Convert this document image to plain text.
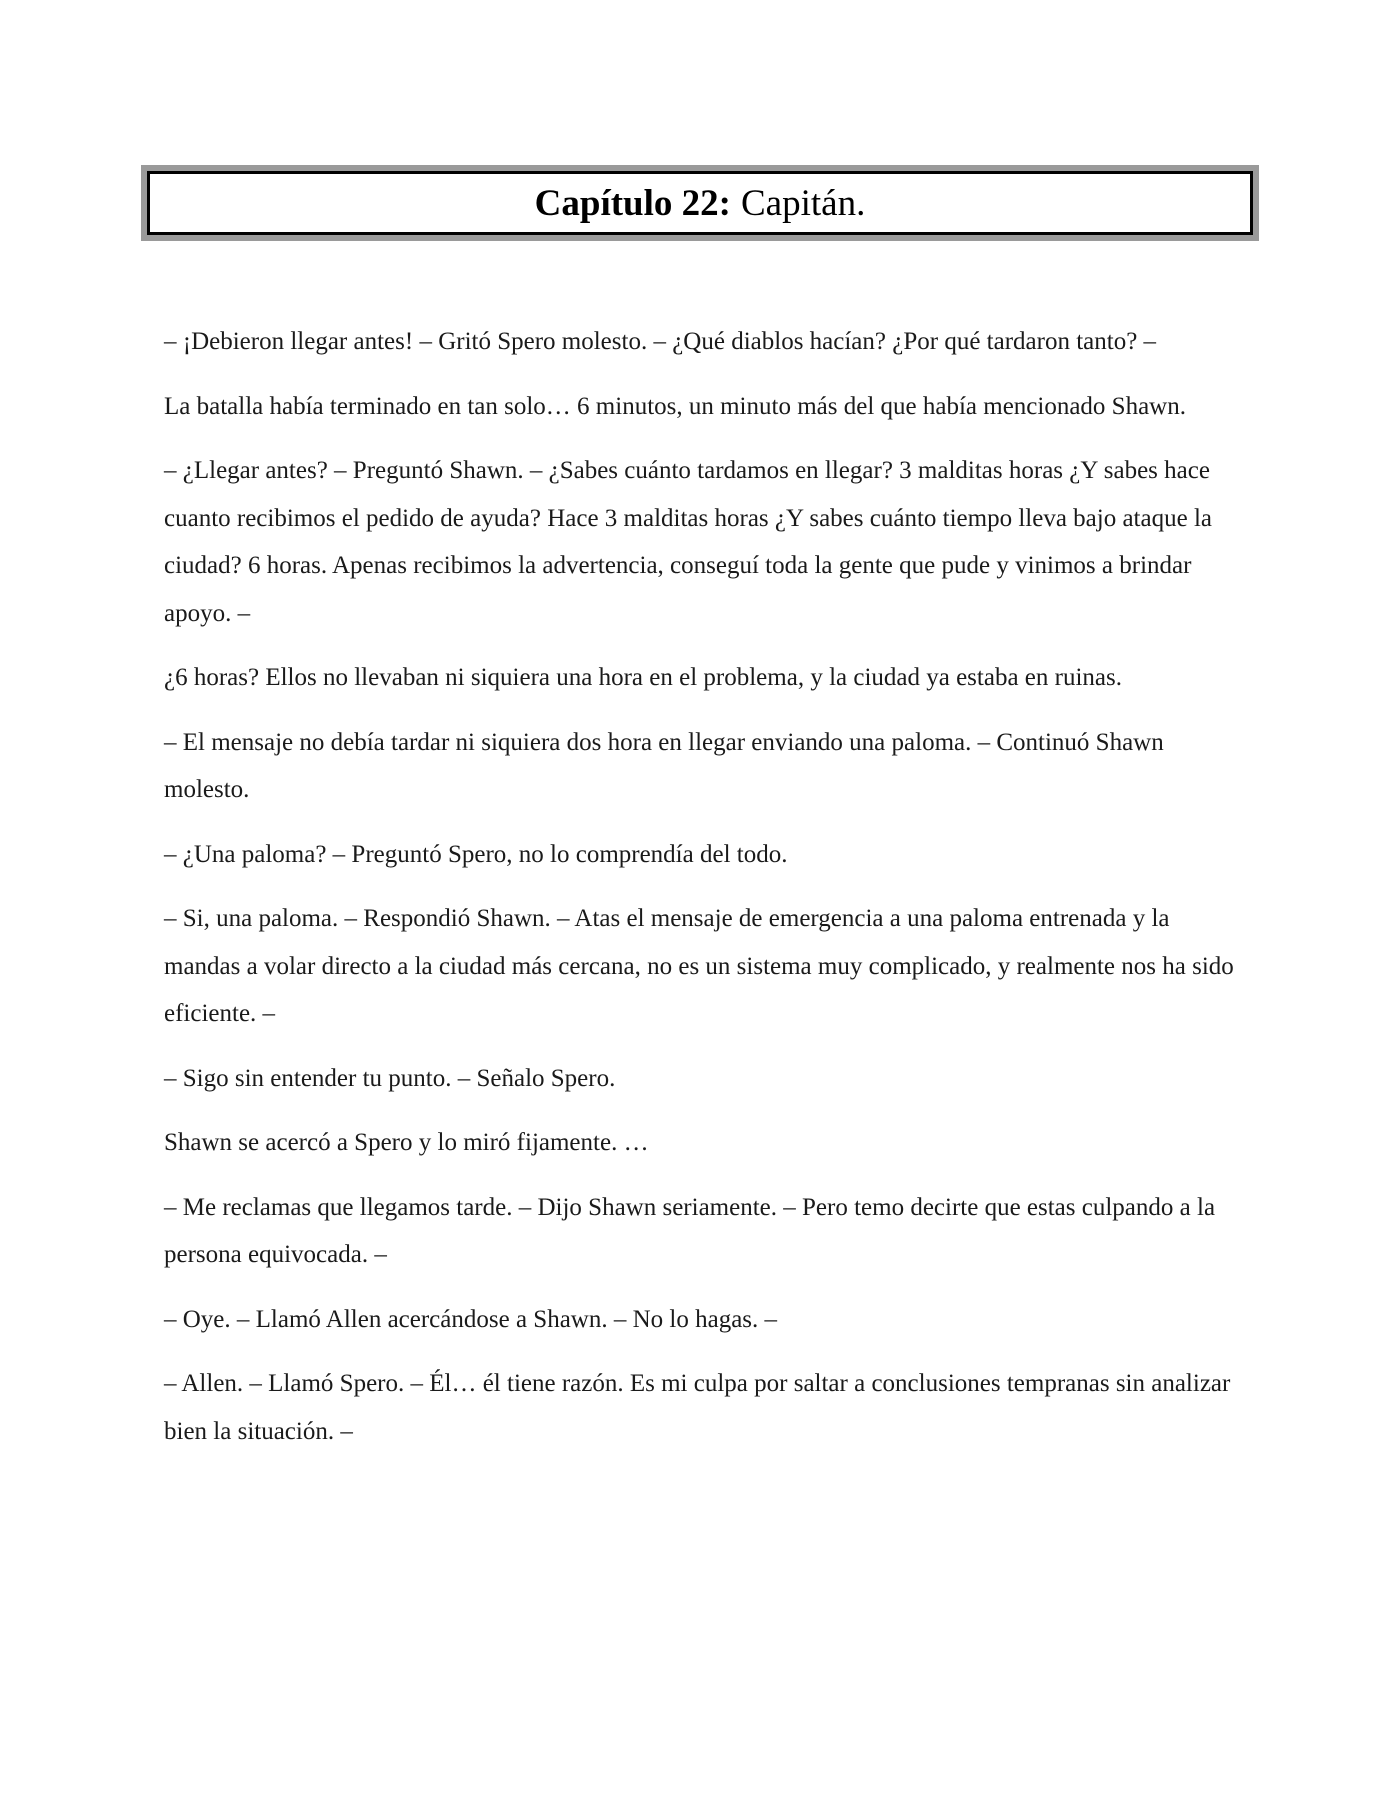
Capítulo 22: Capitán.

– ¡Debieron llegar antes! – Gritó Spero molesto. – ¿Qué diablos hacían? ¿Por qué tardaron tanto? –

La batalla había terminado en tan solo… 6 minutos, un minuto más del que había mencionado Shawn.

– ¿Llegar antes? – Preguntó Shawn. – ¿Sabes cuánto tardamos en llegar? 3 malditas horas ¿Y sabes hace cuanto recibimos el pedido de ayuda? Hace 3 malditas horas ¿Y sabes cuánto tiempo lleva bajo ataque la ciudad? 6 horas. Apenas recibimos la advertencia, conseguí toda la gente que pude y vinimos a brindar apoyo. –

¿6 horas? Ellos no llevaban ni siquiera una hora en el problema, y la ciudad ya estaba en ruinas.

– El mensaje no debía tardar ni siquiera dos hora en llegar enviando una paloma. – Continuó Shawn molesto.

– ¿Una paloma? – Preguntó Spero, no lo comprendía del todo.

– Si, una paloma. – Respondió Shawn. – Atas el mensaje de emergencia a una paloma entrenada y la mandas a volar directo a la ciudad más cercana, no es un sistema muy complicado, y realmente nos ha sido eficiente. –

– Sigo sin entender tu punto. – Señalo Spero.

Shawn se acercó a Spero y lo miró fijamente. …

– Me reclamas que llegamos tarde. – Dijo Shawn seriamente. – Pero temo decirte que estas culpando a la persona equivocada. –

– Oye. – Llamó Allen acercándose a Shawn. – No lo hagas. –

– Allen. – Llamó Spero. – Él… él tiene razón. Es mi culpa por saltar a conclusiones tempranas sin analizar bien la situación. –
